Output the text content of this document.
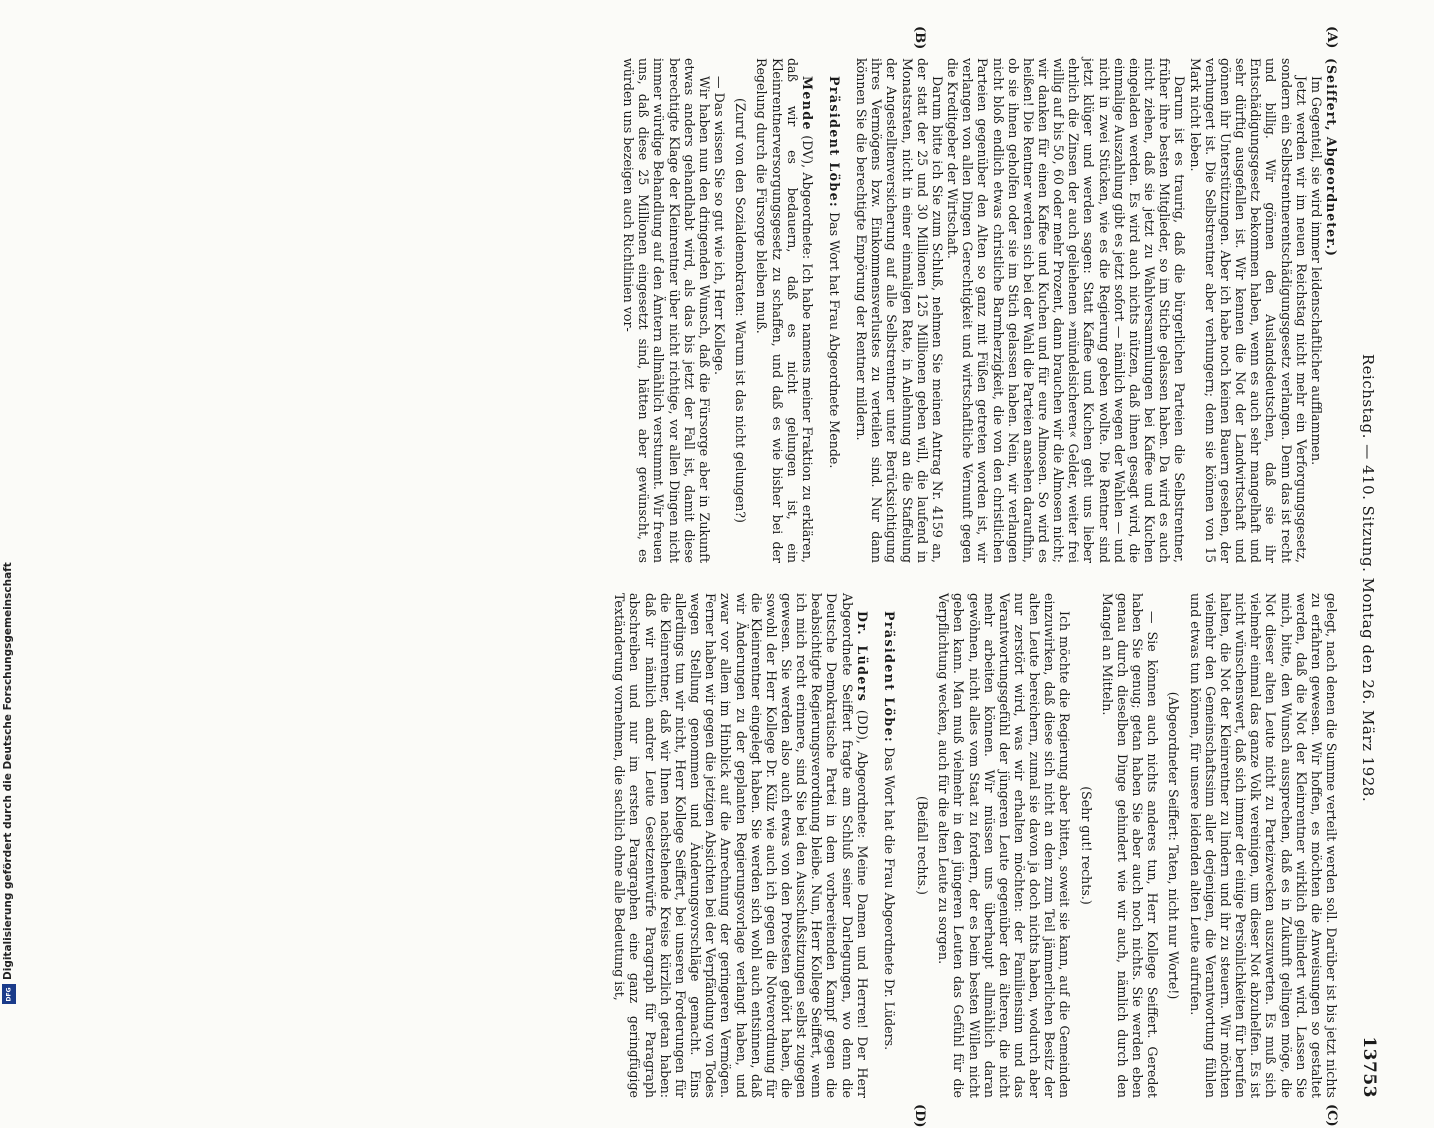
Reichstag. — 410. Sitzung. Montag den 26. März 1928.
13753
(A)
(B)
(C)
(D)

(Seiffert, Abgeordneter.)

Im Gegenteil, sie wird immer leidenschaftlicher aufflammen.

Jetzt werden wir im neuen Reichstag nicht mehr ein Verforgungsgesetz, sondern ein Selbstrentnerentschädigungsgesetz verlangen. Denn das ist recht und billig. Wir gönnen den Auslandsdeutschen, daß sie ihr Entschädigungsgesetz bekommen haben, wenn es auch sehr mangelhaft und sehr dürftig ausgefallen ist. Wir kennen die Not der Landwirtschaft und gönnen ihr Unterstützungen. Aber ich habe noch keinen Bauern gesehen, der verhungert ist. Die Selbstrentner aber verhungern; denn sie können von 15 Mark nicht leben.

Darum ist es traurig, daß die bürgerlichen Parteien die Selbstrentner, früher ihre besten Mitglieder, so im Stiche gelassen haben. Da wird es auch nicht ziehen, daß sie jetzt zu Wahlversammlungen bei Kaffee und Kuchen eingeladen werden. Es wird auch nichts nützen, daß ihnen gesagt wird, die einmalige Auszahlung gibt es jetzt sofort — nämlich wegen der Wahlen — und nicht in zwei Stücken, wie es die Regierung geben wollte. Die Rentner sind jetzt klüger und werden sagen: Statt Kaffee und Kuchen geht uns lieber ehrlich die Zinsen der auch geliehenen »mündelsicheren« Gelder, weiter frei willig auf bis 50, 60 oder mehr Prozent, dann brauchen wir die Almosen nicht; wir danken für einen Kaffee und Kuchen und für eure Almosen. So wird es heißen! Die Rentner werden sich bei der Wahl die Parteien ansehen daraufhin, ob sie ihnen geholfen oder sie im Stich gelassen haben. Nein, wir verlangen nicht bloß endlich etwas christliche Barmherzigkeit, die von den christlichen Parteien gegenüber den Alten so ganz mit Füßen getreten worden ist, wir verlangen von allen Dingen Gerechtigkeit und wirtschaftliche Vernunft gegen die Kreditgeber der Wirtschaft.

Darum bitte ich Sie zum Schluß, nehmen Sie meinen Antrag Nr. 4159 an, der statt der 25 und 30 Millionen 125 Millionen geben will, die laufend in Monatsraten, nicht in einer einmaligen Rate, in Anlehnung an die Staffelung der Angestelltenversicherung auf alle Selbstrentner unter Berücksichtigung ihres Vermögens bzw. Einkommensverlustes zu verteilen sind. Nur dann können Sie die berechtigte Empörung der Rentner mildern.

Präsident Löbe: Das Wort hat Frau Abgeordnete Mende.

Mende (DV), Abgeordnete: Ich habe namens meiner Fraktion zu erklären, daß wir es bedauern, daß es nicht gelungen ist, ein Kleinrentnerversorgungsgesetz zu schaffen, und daß es wie bisher bei der Regelung durch die Fürsorge bleiben muß.

(Zuruf von den Sozialdemokraten: Warum ist das nicht gelungen?)

— Das wissen Sie so gut wie ich, Herr Kollege.

Wir haben nun den dringenden Wunsch, daß die Fürsorge aber in Zukunft etwas anders gehandhabt wird, als das bis jetzt der Fall ist, damit diese berechtigte Klage der Kleinrentner über nicht richtige, vor allen Dingen nicht immer würdige Behandlung auf den Ämtern allmählich verstummt. Wir freuen uns, daß diese 25 Millionen eingesetzt sind, hätten aber gewünscht, es würden uns bezeigen auch Richtlinien vor-

gelegt, nach denen die Summe verteilt werden soll. Darüber ist bis jetzt nichts zu erfahren gewesen. Wir hoffen, es möchten die Anweisungen so gestaltet werden, daß die Not der Kleinrentner wirklich gelindert wird. Lassen Sie mich, bitte, den Wunsch aussprechen, daß es in Zukunft gelingen möge, die Not dieser alten Leute nicht zu Parteizwecken auszuwerten. Es muß sich vielmehr einmal das ganze Volk vereinigen, um dieser Not abzuhelfen. Es ist nicht wünschenswert, daß sich immer der einige Persönlichkeiten für berufen halten, die Not der Kleinrentner zu lindern und ihr zu steuern. Wir möchten vielmehr den Gemeinschaftssinn aller derjenigen, die Verantwortung fühlen und etwas tun können, für unsere leidenden alten Leute aufrufen.

(Abgeordneter Seiffert: Taten, nicht nur Worte!)

— Sie können auch nichts anderes tun, Herr Kollege Seiffert. Geredet haben Sie genug; getan haben Sie aber auch noch nichts. Sie werden eben genau durch dieselben Dinge gehindert wie wir auch, nämlich durch den Mangel an Mitteln.

(Sehr gut! rechts.)

Ich möchte die Regierung aber bitten, soweit sie kann, auf die Gemeinden einzuwirken, daß diese sich nicht an dem zum Teil jämmerlichen Besitz der alten Leute bereichern, zumal sie davon ja doch nichts haben, wodurch aber nur zerstört wird, was wir erhalten möchten: der Familiensinn und das Verantwortungsgefühl der jüngeren Leute gegenüber den älteren, die nicht mehr arbeiten können. Wir müssen uns überhaupt allmählich daran gewöhnen, nicht alles vom Staat zu fordern, der es beim besten Willen nicht geben kann. Man muß vielmehr in den jüngeren Leuten das Gefühl für die Verpflichtung wecken, auch für die alten Leute zu sorgen.

(Beifall rechts.)

Präsident Löbe: Das Wort hat die Frau Abgeordnete Dr. Lüders.

Dr. Lüders (DD), Abgeordnete: Meine Damen und Herren! Der Herr Abgeordnete Seiffert fragte am Schluß seiner Darlegungen, wo denn die Deutsche Demokratische Partei in dem vorbereitenden Kampf gegen die beabsichtigte Regierungsverordnung bleibe. Nun, Herr Kollege Seiffert, wenn ich mich recht erinnere, sind Sie bei den Ausschußsitzungen selbst zugegen gewesen. Sie werden also auch etwas von den Protesten gehört haben, die sowohl der Herr Kollege Dr. Külz wie auch ich gegen die Notverordnung für die Kleinrentner eingelegt haben. Sie werden sich wohl auch entsinnen, daß wir Änderungen zu der geplanten Regierungsvorlage verlangt haben, und zwar vor allem im Hinblick auf die Anrechnung der geringeren Vermögen. Ferner haben wir gegen die jetzigen Absichten bei der Verpfändung von Todes wegen Stellung genommen und Änderungsvorschläge gemacht. Eins allerdings tun wir nicht, Herr Kollege Seiffert, bei unseren Forderungen für die Kleinrentner, daß wir Ihnen nachstehende Kreise kürzlich getan haben: daß wir nämlich andrer Leute Gesetzentwürfe Paragraph für Paragraph abschreiben und nur im ersten Paragraphen eine ganz geringfügige Textänderung vornehmen, die sachlich ohne alle Bedeutung ist,

Digitalisierung gefördert durch die Deutsche Forschungsgemeinschaft
DFG
